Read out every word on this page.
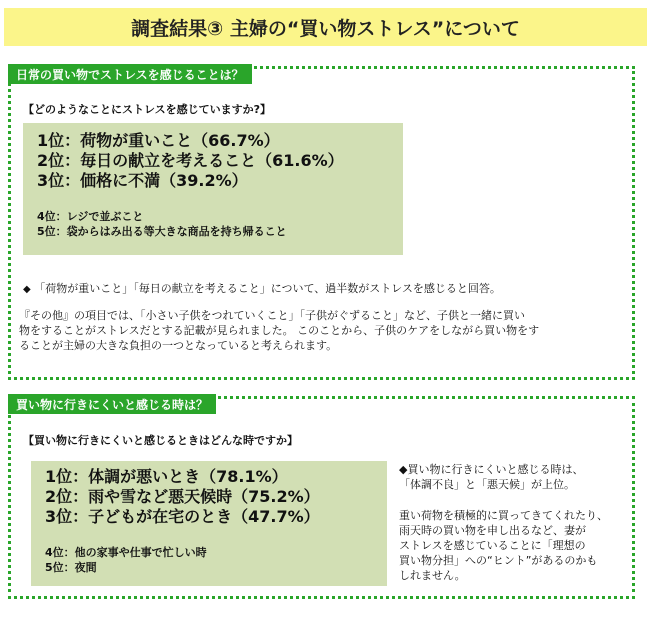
調査結果③ 主婦の“買い物ストレス”について
日常の買い物でストレスを感じることは？
【どのようなことにストレスを感じていますか?】
1位：荷物が重いこと（66.7%）
2位：毎日の献立を考えること（61.6%）
3位：価格に不満（39.2%）
4位：レジで並ぶこと
5位：袋からはみ出る等大きな商品を持ち帰ること
◆ 「荷物が重いこと」「毎日の献立を考えること」について、過半数がストレスを感じると回答。
『その他』の項目では、「小さい子供をつれていくこと」「子供がぐずること」など、子供と一緒に買い
物をすることがストレスだとする記載が見られました。 このことから、子供のケアをしながら買い物をす
ることが主婦の大きな負担の一つとなっていると考えられます。
買い物に行きにくいと感じる時は？
【買い物に行きにくいと感じるときはどんな時ですか】
1位：体調が悪いとき（78.1%）
2位：雨や雪など悪天候時（75.2%）
3位：子どもが在宅のとき（47.7%）
4位：他の家事や仕事で忙しい時
5位：夜間
◆買い物に行きにくいと感じる時は、
「体調不良」と「悪天候」が上位。
重い荷物を積極的に買ってきてくれたり、
雨天時の買い物を申し出るなど、妻が
ストレスを感じていることに「理想の
買い物分担」への“ヒント”があるのかも
しれません。
